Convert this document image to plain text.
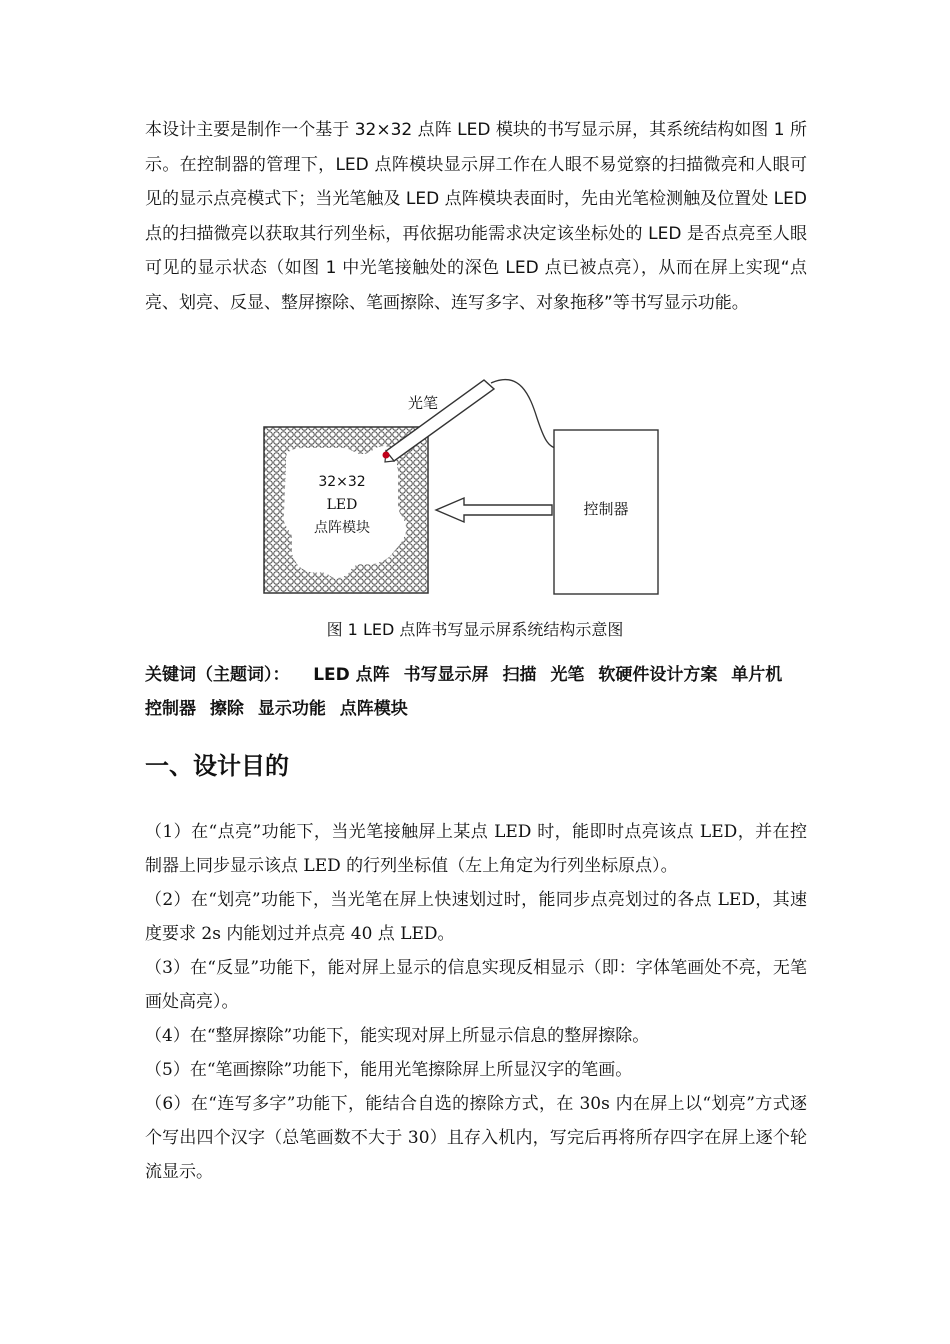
本设计主要是制作一个基于 32×32 点阵 LED 模块的书写显示屏，其系统结构如图 1 所示。在控制器的管理下，LED 点阵模块显示屏工作在人眼不易觉察的扫描微亮和人眼可见的显示点亮模式下；当光笔触及 LED 点阵模块表面时，先由光笔检测触及位置处 LED 点的扫描微亮以获取其行列坐标，再依据功能需求决定该坐标处的 LED 是否点亮至人眼可见的显示状态（如图 1 中光笔接触处的深色 LED 点已被点亮），从而在屏上实现“点亮、划亮、反显、整屏擦除、笔画擦除、连写多字、对象拖移”等书写显示功能。

32×32
LED
点阵模块
光笔
控制器

图 1 LED 点阵书写显示屏系统结构示意图

关键词（主题词）： LED 点阵 书写显示屏 扫描 光笔 软硬件设计方案 单片机 控制器 擦除 显示功能 点阵模块

一、设计目的
（1）在“点亮”功能下，当光笔接触屏上某点 LED 时，能即时点亮该点 LED，并在控制器上同步显示该点 LED 的行列坐标值（左上角定为行列坐标原点）。
（2）在“划亮”功能下，当光笔在屏上快速划过时，能同步点亮划过的各点 LED，其速度要求 2s 内能划过并点亮 40 点 LED。
（3）在“反显”功能下，能对屏上显示的信息实现反相显示（即：字体笔画处不亮，无笔画处高亮）。
（4）在“整屏擦除”功能下，能实现对屏上所显示信息的整屏擦除。
（5）在“笔画擦除”功能下，能用光笔擦除屏上所显汉字的笔画。
（6）在“连写多字”功能下，能结合自选的擦除方式，在 30s 内在屏上以“划亮”方式逐个写出四个汉字（总笔画数不大于 30）且存入机内，写完后再将所存四字在屏上逐个轮流显示。
